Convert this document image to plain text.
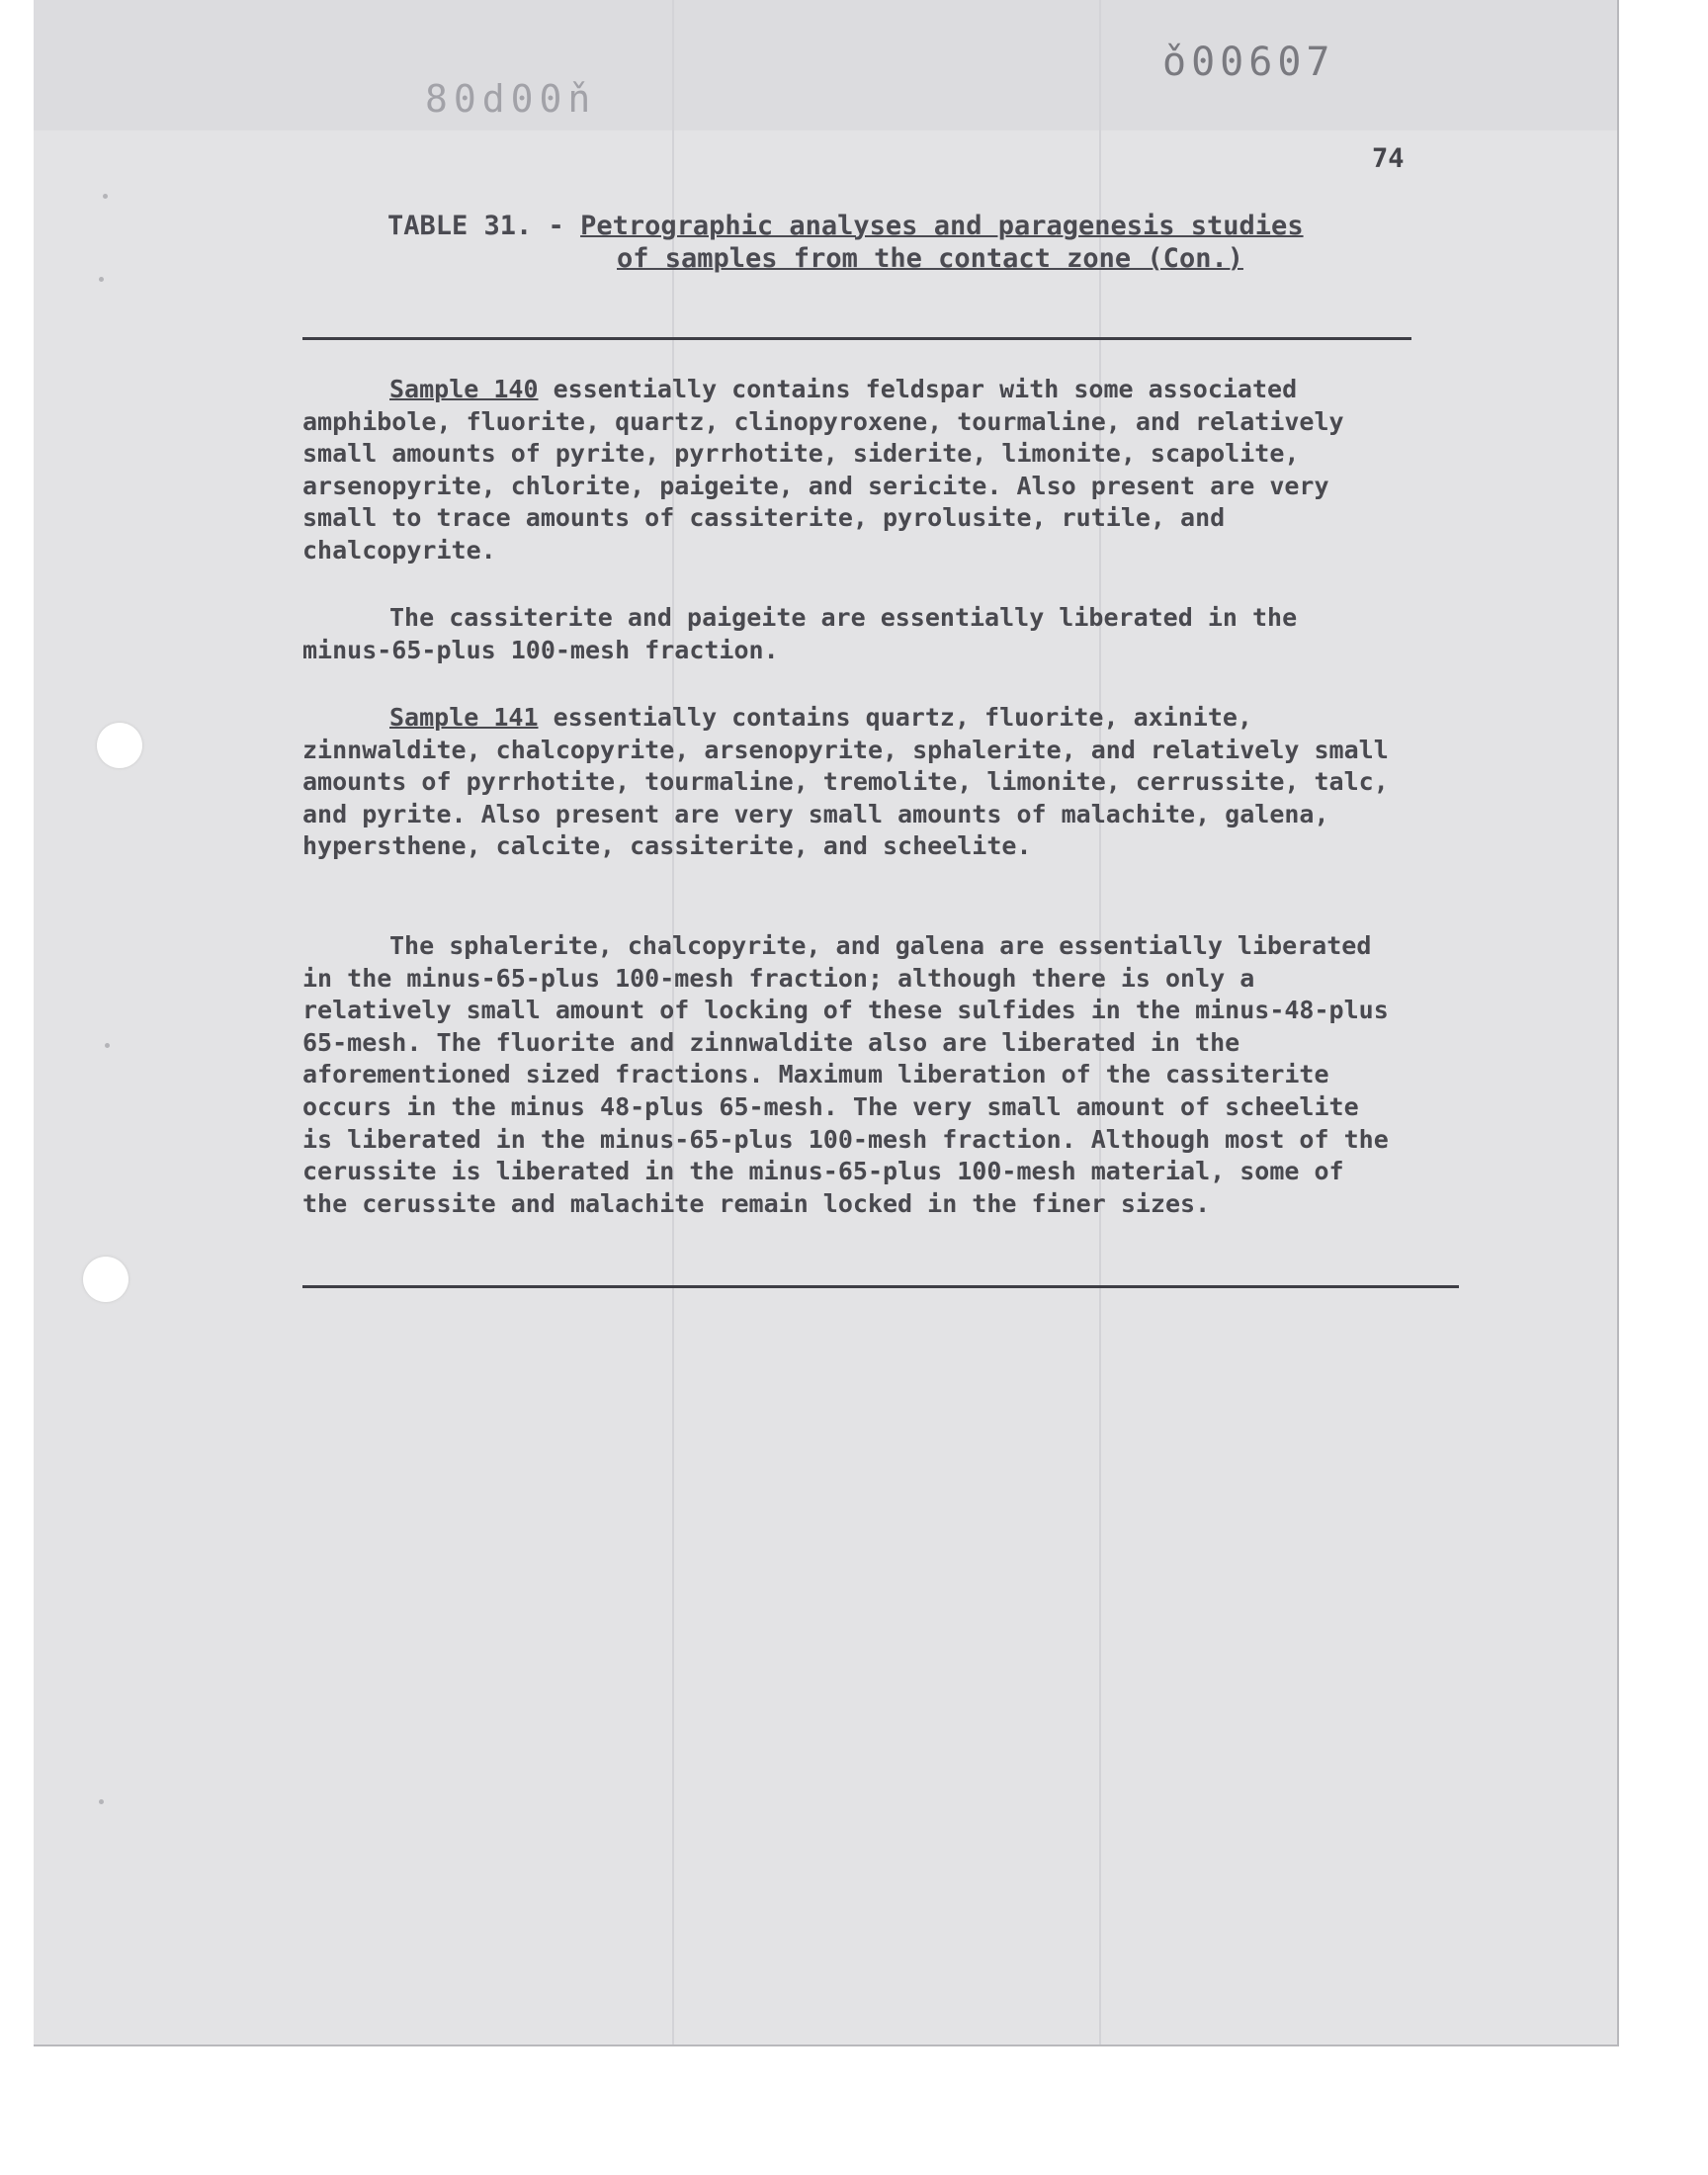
80d00ň
ǒ00607
74
TABLE 31. - Petrographic analyses and paragenesis studies
of samples from the contact zone (Con.)

Sample 140 essentially contains feldspar with some associated amphibole, fluorite, quartz, clinopyroxene, tourmaline, and relatively small amounts of pyrite, pyrrhotite, siderite, limonite, scapolite, arsenopyrite, chlorite, paigeite, and sericite. Also present are very small to trace amounts of cassiterite, pyrolusite, rutile, and chalcopyrite.

The cassiterite and paigeite are essentially liberated in the minus-65-plus 100-mesh fraction.

Sample 141 essentially contains quartz, fluorite, axinite, zinnwaldite, chalcopyrite, arsenopyrite, sphalerite, and relatively small amounts of pyrrhotite, tourmaline, tremolite, limonite, cerrussite, talc, and pyrite. Also present are very small amounts of malachite, galena, hypersthene, calcite, cassiterite, and scheelite.

The sphalerite, chalcopyrite, and galena are essentially liberated in the minus-65-plus 100-mesh fraction; although there is only a relatively small amount of locking of these sulfides in the minus-48-plus 65-mesh. The fluorite and zinnwaldite also are liberated in the aforementioned sized fractions. Maximum liberation of the cassiterite occurs in the minus 48-plus 65-mesh. The very small amount of scheelite is liberated in the minus-65-plus 100-mesh fraction. Although most of the cerussite is liberated in the minus-65-plus 100-mesh material, some of the cerussite and malachite remain locked in the finer sizes.
